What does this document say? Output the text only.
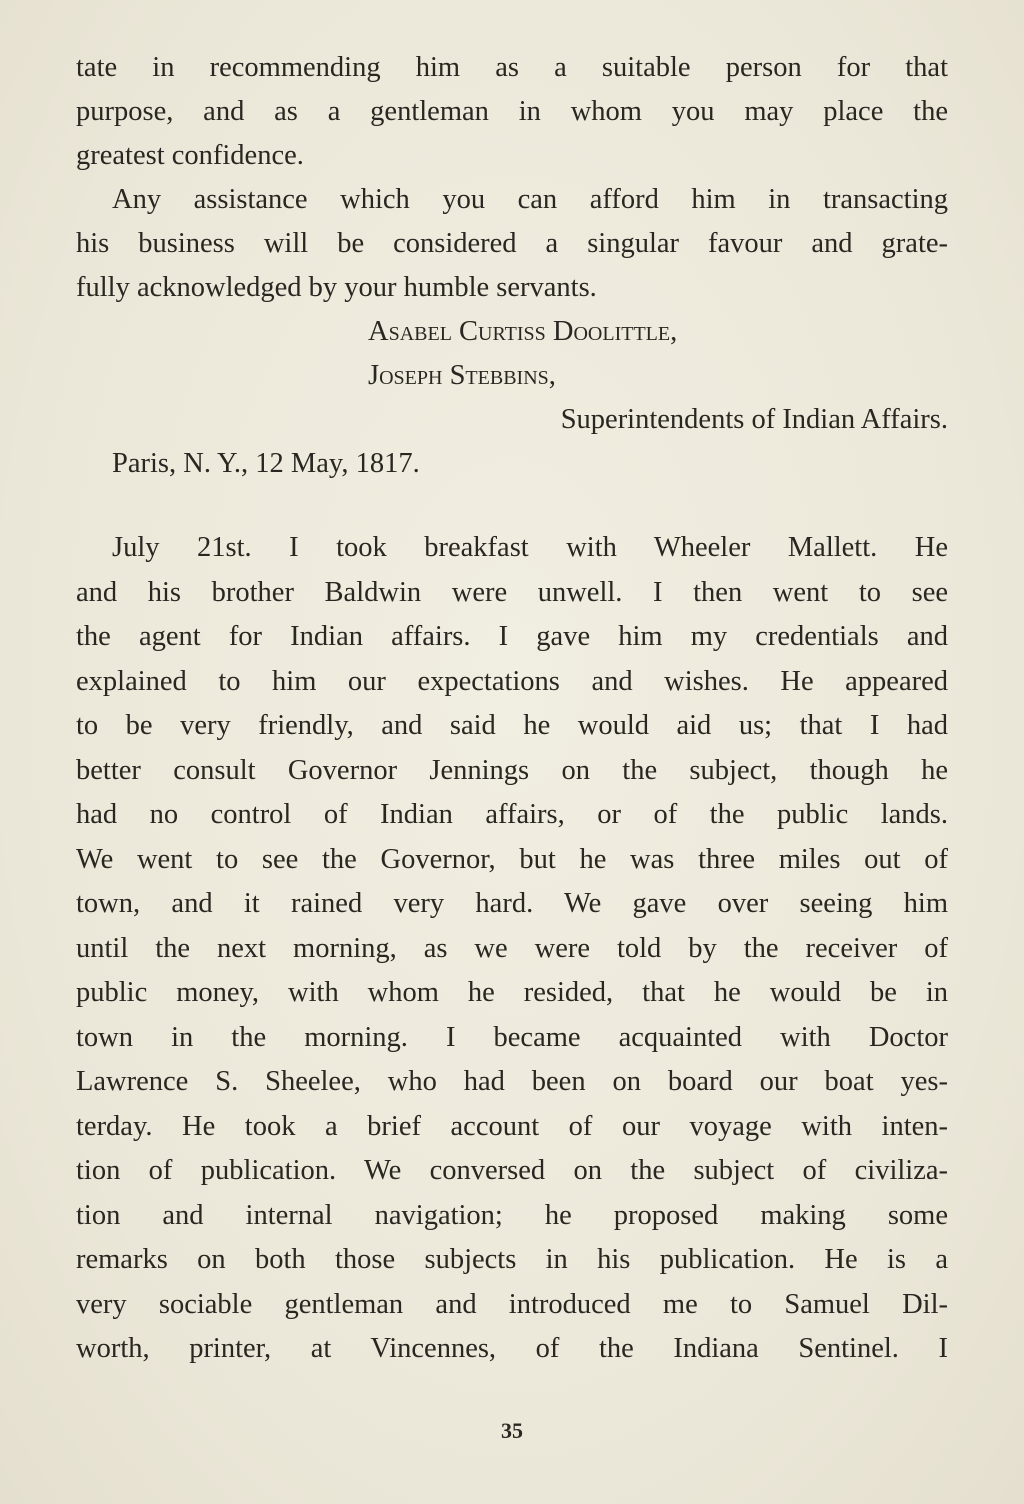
tate in recommending him as a suitable person for that
purpose, and as a gentleman in whom you may place the
greatest confidence.
Any assistance which you can afford him in transacting
his business will be considered a singular favour and grate-
fully acknowledged by your humble servants.
Asabel Curtiss Doolittle,
Joseph Stebbins,
Superintendents of Indian Affairs.
Paris, N. Y., 12 May, 1817.
July 21st. I took breakfast with Wheeler Mallett. He
and his brother Baldwin were unwell. I then went to see
the agent for Indian affairs. I gave him my credentials and
explained to him our expectations and wishes. He appeared
to be very friendly, and said he would aid us; that I had
better consult Governor Jennings on the subject, though he
had no control of Indian affairs, or of the public lands.
We went to see the Governor, but he was three miles out of
town, and it rained very hard. We gave over seeing him
until the next morning, as we were told by the receiver of
public money, with whom he resided, that he would be in
town in the morning. I became acquainted with Doctor
Lawrence S. Sheelee, who had been on board our boat yes-
terday. He took a brief account of our voyage with inten-
tion of publication. We conversed on the subject of civiliza-
tion and internal navigation; he proposed making some
remarks on both those subjects in his publication. He is a
very sociable gentleman and introduced me to Samuel Dil-
worth, printer, at Vincennes, of the Indiana Sentinel. I
35
